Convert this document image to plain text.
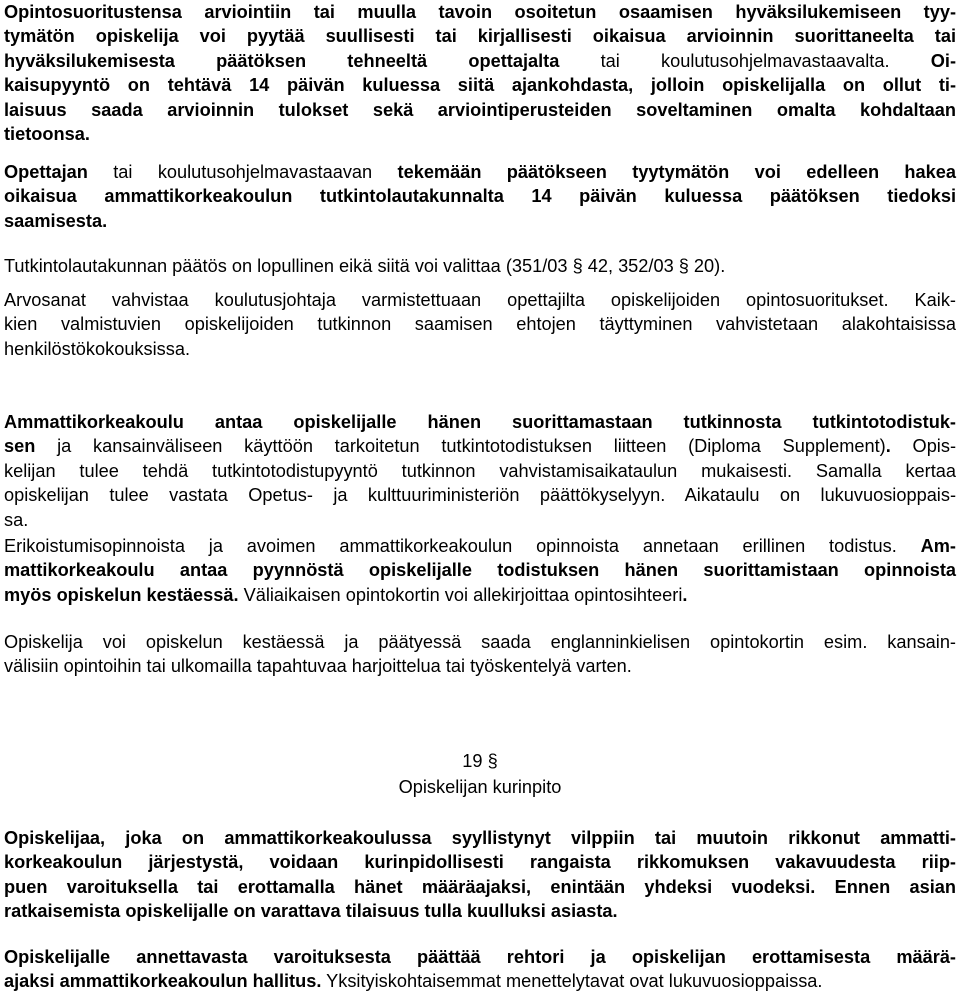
Opintosuoritustensa arviointiin tai muulla tavoin osoitetun osaamisen hyväksilukemiseen tyy-
tymätön opiskelija voi pyytää suullisesti tai kirjallisesti oikaisua arvioinnin suorittaneelta tai
hyväksilukemisesta päätöksen tehneeltä opettajalta tai koulutusohjelmavastaavalta. Oi-
kaisupyyntö on tehtävä 14 päivän kuluessa siitä ajankohdasta, jolloin opiskelijalla on ollut ti-
laisuus saada arvioinnin tulokset sekä arviointiperusteiden soveltaminen omalta kohdaltaan
tietoonsa.
Opettajan tai koulutusohjelmavastaavan tekemään päätökseen tyytymätön voi edelleen hakea
oikaisua ammattikorkeakoulun tutkintolautakunnalta 14 päivän kuluessa päätöksen tiedoksi
saamisesta.
Tutkintolautakunnan päätös on lopullinen eikä siitä voi valittaa (351/03 § 42, 352/03 § 20).
Arvosanat vahvistaa koulutusjohtaja varmistettuaan opettajilta opiskelijoiden opintosuoritukset. Kaik-
kien valmistuvien opiskelijoiden tutkinnon saamisen ehtojen täyttyminen vahvistetaan alakohtaisissa
henkilöstökokouksissa.
Ammattikorkeakoulu antaa opiskelijalle hänen suorittamastaan tutkinnosta tutkintotodistuk-
sen ja kansainväliseen käyttöön tarkoitetun tutkintotodistuksen liitteen (Diploma Supplement). Opis-
kelijan tulee tehdä tutkintotodistupyyntö tutkinnon vahvistamisaikataulun mukaisesti. Samalla kertaa
opiskelijan tulee vastata Opetus- ja kulttuuriministeriön päättökyselyyn. Aikataulu on lukuvuosioppais-
sa.
Erikoistumisopinnoista ja avoimen ammattikorkeakoulun opinnoista annetaan erillinen todistus. Am-
mattikorkeakoulu antaa pyynnöstä opiskelijalle todistuksen hänen suorittamistaan opinnoista
myös opiskelun kestäessä. Väliaikaisen opintokortin voi allekirjoittaa opintosihteeri.
Opiskelija voi opiskelun kestäessä ja päätyessä saada englanninkielisen opintokortin esim. kansain-
välisiin opintoihin tai ulkomailla tapahtuvaa harjoittelua tai työskentelyä varten.
19 §
Opiskelijan kurinpito
Opiskelijaa, joka on ammattikorkeakoulussa syyllistynyt vilppiin tai muutoin rikkonut ammatti-
korkeakoulun järjestystä, voidaan kurinpidollisesti rangaista rikkomuksen vakavuudesta riip-
puen varoituksella tai erottamalla hänet määräajaksi, enintään yhdeksi vuodeksi. Ennen asian
ratkaisemista opiskelijalle on varattava tilaisuus tulla kuulluksi asiasta.
Opiskelijalle annettavasta varoituksesta päättää rehtori ja opiskelijan erottamisesta määrä-
ajaksi ammattikorkeakoulun hallitus. Yksityiskohtaisemmat menettelytavat ovat lukuvuosioppaissa.
